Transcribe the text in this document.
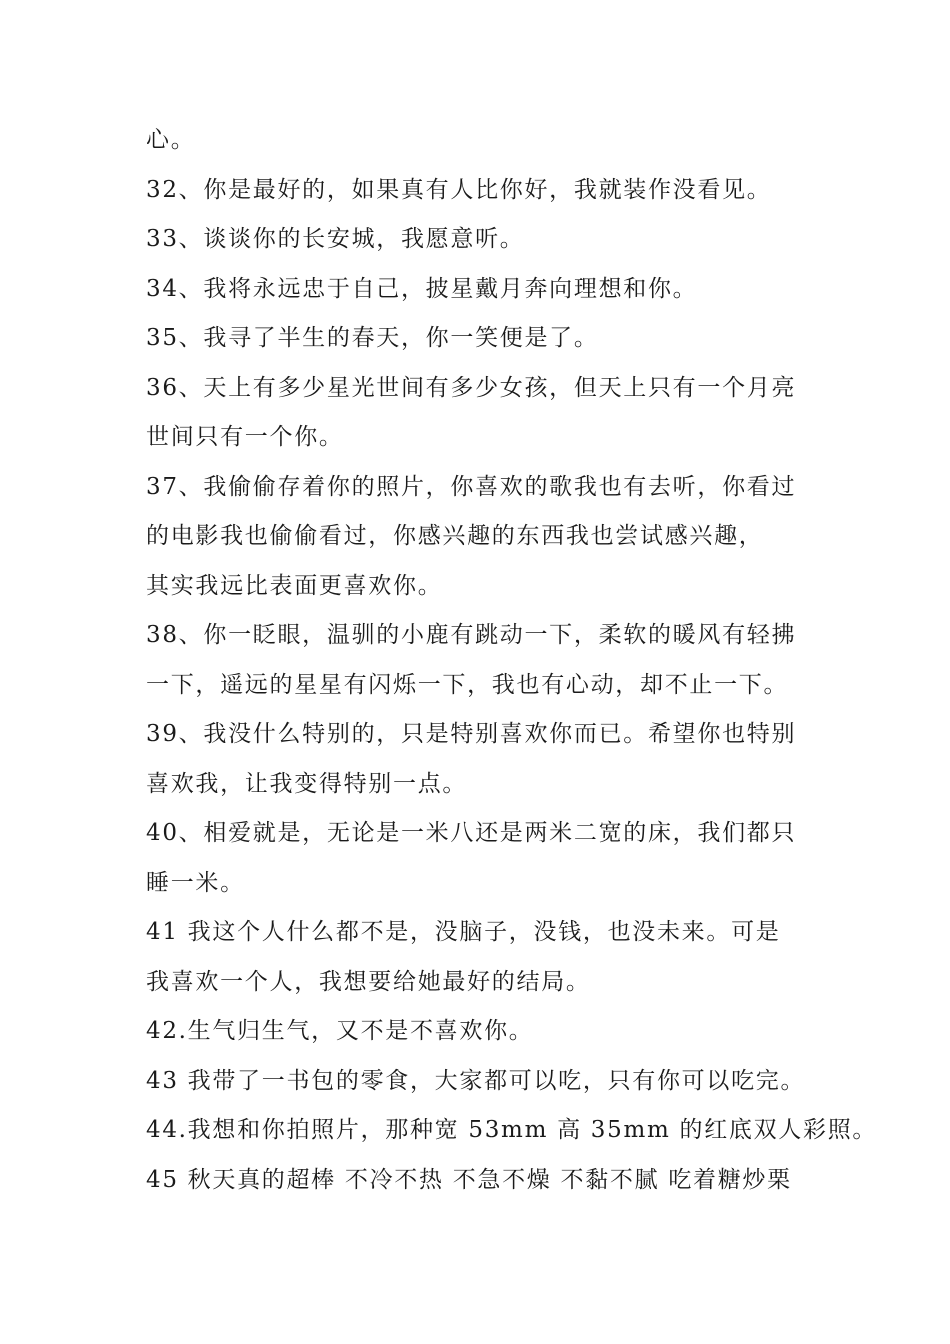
心。
32、你是最好的，如果真有人比你好，我就装作没看见。
33、谈谈你的长安城，我愿意听。
34、我将永远忠于自己，披星戴月奔向理想和你。
35、我寻了半生的春天，你一笑便是了。
36、天上有多少星光世间有多少女孩，但天上只有一个月亮
世间只有一个你。
37、我偷偷存着你的照片，你喜欢的歌我也有去听，你看过
的电影我也偷偷看过，你感兴趣的东西我也尝试感兴趣，
其实我远比表面更喜欢你。
38、你一眨眼，温驯的小鹿有跳动一下，柔软的暖风有轻拂
一下，遥远的星星有闪烁一下，我也有心动，却不止一下。
39、我没什么特别的，只是特别喜欢你而已。希望你也特别
喜欢我，让我变得特别一点。
40、相爱就是，无论是一米八还是两米二宽的床，我们都只
睡一米。
41 我这个人什么都不是，没脑子，没钱，也没未来。可是
我喜欢一个人，我想要给她最好的结局。
42.生气归生气，又不是不喜欢你。
43 我带了一书包的零食，大家都可以吃，只有你可以吃完。
44.我想和你拍照片，那种宽 53mm 高 35mm 的红底双人彩照。
45 秋天真的超棒 不冷不热 不急不燥 不黏不腻 吃着糖炒栗
